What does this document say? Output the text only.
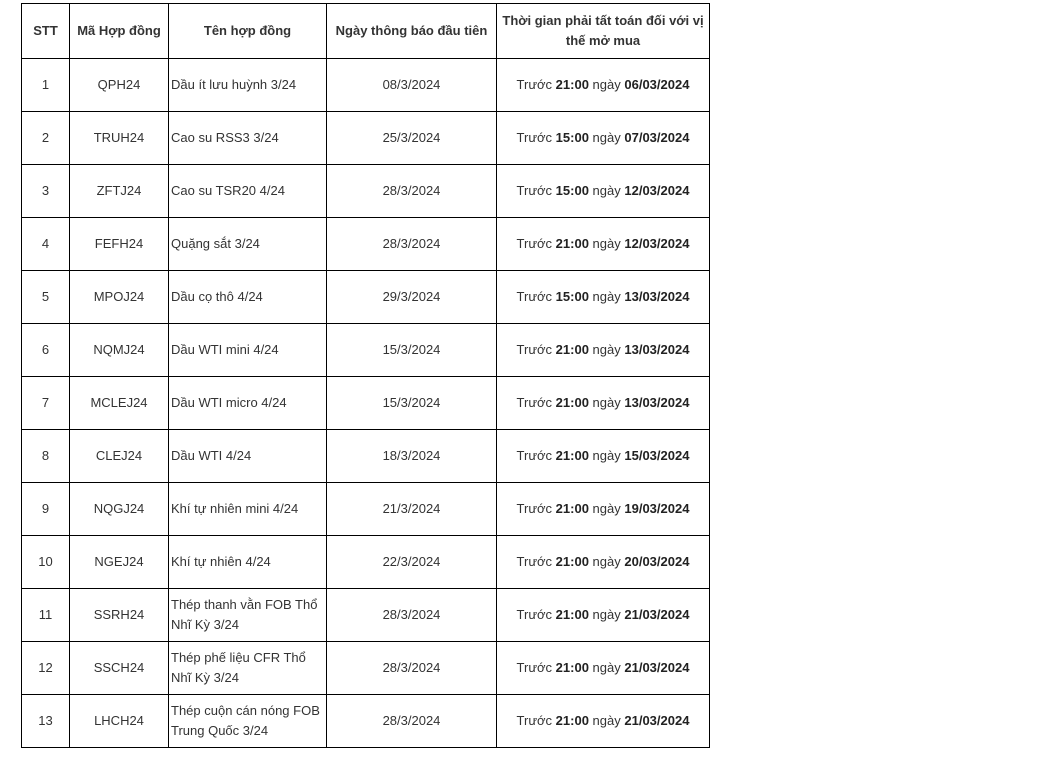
STT	Mã Hợp đồng	Tên hợp đồng	Ngày thông báo đầu tiên	Thời gian phải tất toán đối với vị thế mở mua
1	QPH24	Dầu ít lưu huỳnh 3/24	08/3/2024	Trước 21:00 ngày 06/03/2024
2	TRUH24	Cao su RSS3 3/24	25/3/2024	Trước 15:00 ngày 07/03/2024
3	ZFTJ24	Cao su TSR20 4/24	28/3/2024	Trước 15:00 ngày 12/03/2024
4	FEFH24	Quặng sắt 3/24	28/3/2024	Trước 21:00 ngày 12/03/2024
5	MPOJ24	Dầu cọ thô 4/24	29/3/2024	Trước 15:00 ngày 13/03/2024
6	NQMJ24	Dầu WTI mini 4/24	15/3/2024	Trước 21:00 ngày 13/03/2024
7	MCLEJ24	Dầu WTI micro 4/24	15/3/2024	Trước 21:00 ngày 13/03/2024
8	CLEJ24	Dầu WTI 4/24	18/3/2024	Trước 21:00 ngày 15/03/2024
9	NQGJ24	Khí tự nhiên mini 4/24	21/3/2024	Trước 21:00 ngày 19/03/2024
10	NGEJ24	Khí tự nhiên 4/24	22/3/2024	Trước 21:00 ngày 20/03/2024
11	SSRH24	Thép thanh vằn FOB Thổ Nhĩ Kỳ 3/24	28/3/2024	Trước 21:00 ngày 21/03/2024
12	SSCH24	Thép phế liệu CFR Thổ Nhĩ Kỳ 3/24	28/3/2024	Trước 21:00 ngày 21/03/2024
13	LHCH24	Thép cuộn cán nóng FOB Trung Quốc 3/24	28/3/2024	Trước 21:00 ngày 21/03/2024
